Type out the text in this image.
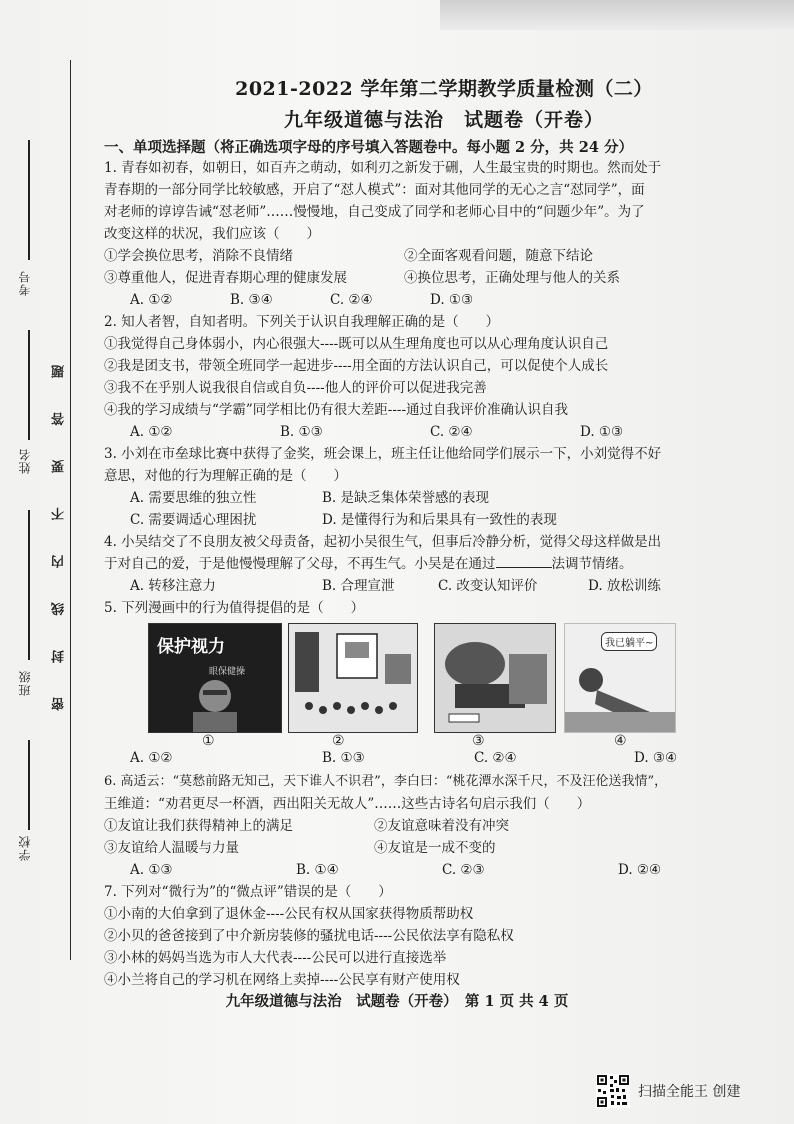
考号
姓名
班级
学校
密 封 线 内 不 要 答 题
2021-2022 学年第二学期教学质量检测（二）
九年级道德与法治　试题卷（开卷）
一、单项选择题（将正确选项字母的序号填入答题卷中。每小题 2 分，共 24 分）
1. 青春如初春，如朝日，如百卉之萌动，如利刃之新发于硎，人生最宝贵的时期也。然而处于
青春期的一部分同学比较敏感，开启了“怼人模式”：面对其他同学的无心之言“怼同学”，面
对老师的谆谆告诫“怼老师”……慢慢地，自己变成了同学和老师心目中的“问题少年”。为了
改变这样的状况，我们应该（　　）
①学会换位思考，消除不良情绪	②全面客观看问题，随意下结论
③尊重他人，促进青春期心理的健康发展	④换位思考，正确处理与他人的关系
A. ①②	B. ③④	C. ②④	D. ①③
2. 知人者智，自知者明。下列关于认识自我理解正确的是（　　）
①我觉得自己身体弱小，内心很强大----既可以从生理角度也可以从心理角度认识自己
②我是团支书，带领全班同学一起进步----用全面的方法认识自己，可以促使个人成长
③我不在乎别人说我很自信或自负----他人的评价可以促进我完善
④我的学习成绩与“学霸”同学相比仍有很大差距----通过自我评价准确认识自我
A. ①②	B. ①③	C. ②④	D. ①③
3. 小刘在市垒球比赛中获得了金奖，班会课上，班主任让他给同学们展示一下，小刘觉得不好
意思，对他的行为理解正确的是（　　）
A. 需要思维的独立性	B. 是缺乏集体荣誉感的表现
C. 需要调适心理困扰	D. 是懂得行为和后果具有一致性的表现
4. 小吴结交了不良朋友被父母责备，起初小吴很生气，但事后冷静分析，觉得父母这样做是出
于对自己的爱，于是他慢慢理解了父母，不再生气。小吴是在通过	法调节情绪。
A. 转移注意力	B. 合理宣泄	C. 改变认知评价	D. 放松训练
5. 下列漫画中的行为值得提倡的是（　　）
保护视力
眼保健操
我已躺平~
①	②	③	④
A. ①②	B. ①③	C. ②④	D. ③④
6. 高适云：“莫愁前路无知己，天下谁人不识君”，李白曰：“桃花潭水深千尺，不及汪伦送我情”，
王维道：“劝君更尽一杯酒，西出阳关无故人”……这些古诗名句启示我们（　　）
①友谊让我们获得精神上的满足	②友谊意味着没有冲突
③友谊给人温暖与力量	④友谊是一成不变的
A. ①③	B. ①④	C. ②③	D. ②④
7. 下列对“微行为”的“微点评”错误的是（　　）
①小南的大伯拿到了退休金----公民有权从国家获得物质帮助权
②小贝的爸爸接到了中介新房装修的骚扰电话----公民依法享有隐私权
③小林的妈妈当选为市人大代表----公民可以进行直接选举
④小兰将自己的学习机在网络上卖掉----公民享有财产使用权
九年级道德与法治　试题卷（开卷）　第 1 页 共 4 页
扫描全能王 创建
